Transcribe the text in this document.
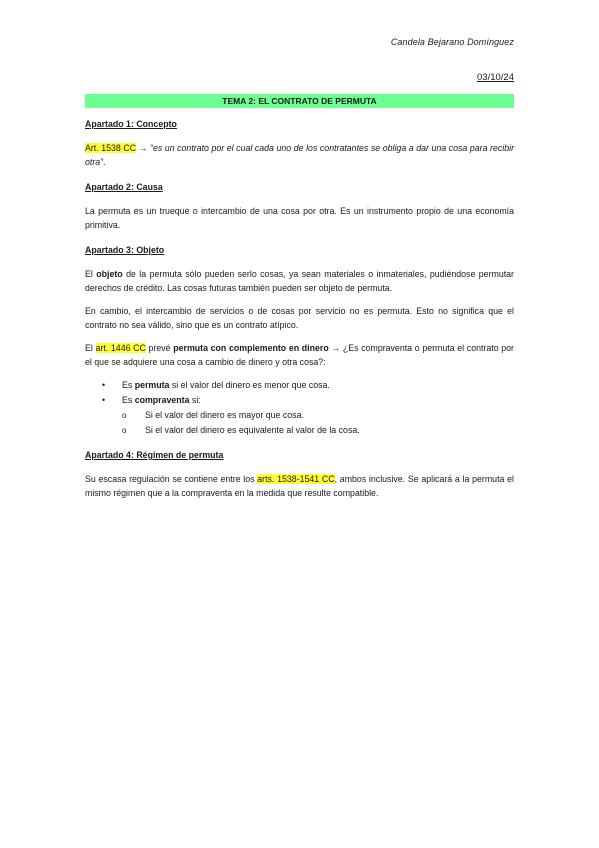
Candela Bejarano Domínguez
03/10/24
TEMA 2: EL CONTRATO DE PERMUTA

Apartado 1: Concepto

Art. 1538 CC → “es un contrato por el cual cada uno de los contratantes se obliga a dar una cosa para recibir otra”.

Apartado 2: Causa

La permuta es un trueque o intercambio de una cosa por otra. Es un instrumento propio de una economía primitiva.

Apartado 3: Objeto

El objeto de la permuta sólo pueden serlo cosas, ya sean materiales o inmateriales, pudiéndose permutar derechos de crédito. Las cosas futuras también pueden ser objeto de permuta.

En cambio, el intercambio de servicios o de cosas por servicio no es permuta. Esto no significa que el contrato no sea válido, sino que es un contrato atípico.

El art. 1446 CC prevé permuta con complemento en dinero → ¿Es compraventa o permuta el contrato por el que se adquiere una cosa a cambio de dinero y otra cosa?:

• Es permuta si el valor del dinero es menor que cosa.
• Es compraventa si:
o Si el valor del dinero es mayor que cosa.
o Si el valor del dinero es equivalente al valor de la cosa.

Apartado 4: Régimen de permuta

Su escasa regulación se contiene entre los arts. 1538-1541 CC, ambos inclusive. Se aplicará a la permuta el mismo régimen que a la compraventa en la medida que resulte compatible.
